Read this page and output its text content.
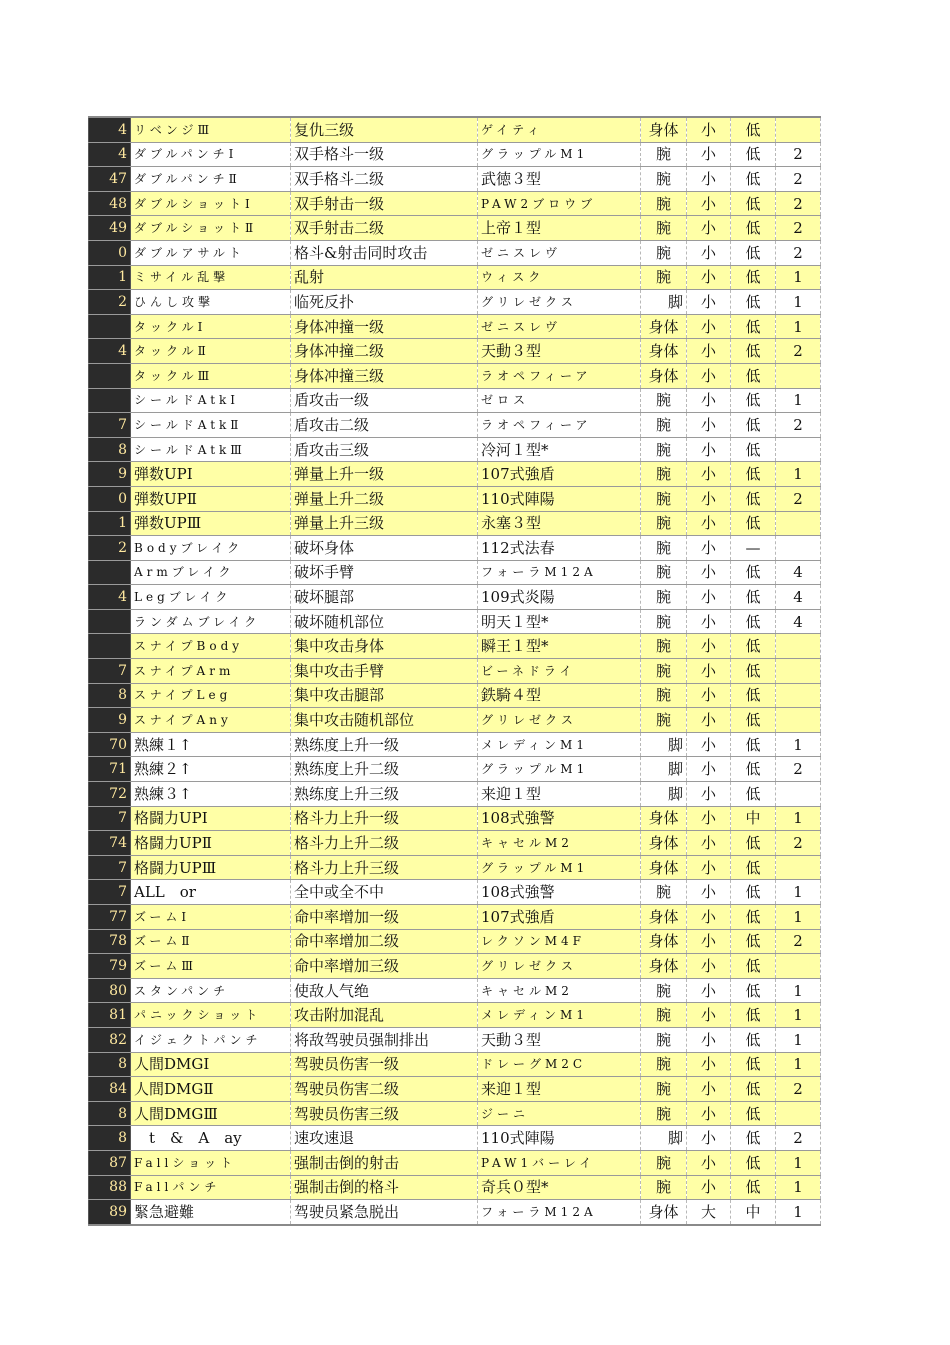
4	リベンジⅢ	复仇三级	ゲイティ	身体	小	低	
4	ダブルパンチⅠ	双手格斗一级	グラップルM1	腕	小	低	2
47	ダブルパンチⅡ	双手格斗二级	武徳３型	腕	小	低	2
48	ダブルショットⅠ	双手射击一级	PAW2ブロウブ	腕	小	低	2
49	ダブルショットⅡ	双手射击二级	上帝１型	腕	小	低	2
0	ダブルアサルト	格斗&射击同时攻击	ゼニスレヴ	腕	小	低	2
1	ミサイル乱撃	乱射	ウィスク	腕	小	低	1
2	ひんし攻撃	临死反扑	グリレゼクス	脚	小	低	1
	タックルⅠ	身体冲撞一级	ゼニスレヴ	身体	小	低	1
4	タックルⅡ	身体冲撞二级	天動３型	身体	小	低	2
	タックルⅢ	身体冲撞三级	ラオペフィーア	身体	小	低	
	シールドAtkⅠ	盾攻击一级	ゼロス	腕	小	低	1
7	シールドAtkⅡ	盾攻击二级	ラオペフィーア	腕	小	低	2
8	シールドAtkⅢ	盾攻击三级	冷河１型*	腕	小	低	
9	弾数UPⅠ	弹量上升一级	107式強盾	腕	小	低	1
0	弾数UPⅡ	弹量上升二级	110式陣陽	腕	小	低	2
1	弾数UPⅢ	弹量上升三级	永塞３型	腕	小	低	
2	Bodyブレイク	破坏身体	112式法春	腕	小	—	
	Armブレイク	破坏手臂	フォーラM12A	腕	小	低	4
4	Legブレイク	破坏腿部	109式炎陽	腕	小	低	4
	ランダムブレイク	破坏随机部位	明天１型*	腕	小	低	4
	スナイプBody	集中攻击身体	瞬王１型*	腕	小	低	
7	スナイプArm	集中攻击手臂	ビーネドライ	腕	小	低	
8	スナイプLeg	集中攻击腿部	鉄騎４型	腕	小	低	
9	スナイプAny	集中攻击随机部位	グリレゼクス	腕	小	低	
70	熟練１↑	熟练度上升一级	メレディンM1	脚	小	低	1
71	熟練２↑	熟练度上升二级	グラップルM1	脚	小	低	2
72	熟練３↑	熟练度上升三级	来迎１型	脚	小	低	
7	格闘力UPⅠ	格斗力上升一级	108式強警	身体	小	中	1
74	格闘力UPⅡ	格斗力上升二级	キャセルM2	身体	小	低	2
7	格闘力UPⅢ	格斗力上升三级	グラップルM1	身体	小	低	
7	ALL　or	全中或全不中	108式強警	腕	小	低	1
77	ズームⅠ	命中率增加一级	107式強盾	身体	小	低	1
78	ズームⅡ	命中率增加二级	レクソンM4F	身体	小	低	2
79	ズームⅢ	命中率增加三级	グリレゼクス	身体	小	低	
80	スタンパンチ	使敌人气绝	キャセルM2	腕	小	低	1
81	パニックショット	攻击附加混乱	メレディンM1	腕	小	低	1
82	イジェクトパンチ	将敌驾驶员强制排出	天動３型	腕	小	低	1
8	人間DMGⅠ	驾驶员伤害一级	ドレーグM2C	腕	小	低	1
84	人間DMGⅡ	驾驶员伤害二级	来迎１型	腕	小	低	2
8	人間DMGⅢ	驾驶员伤害三级	ジーニ	腕	小	低	
8	　t　&　A　ay	速攻速退	110式陣陽	脚	小	低	2
87	Fallショット	强制击倒的射击	PAW1バーレイ	腕	小	低	1
88	Fallパンチ	强制击倒的格斗	奇兵０型*	腕	小	低	1
89	緊急避難	驾驶员紧急脱出	フォーラM12A	身体	大	中	1
